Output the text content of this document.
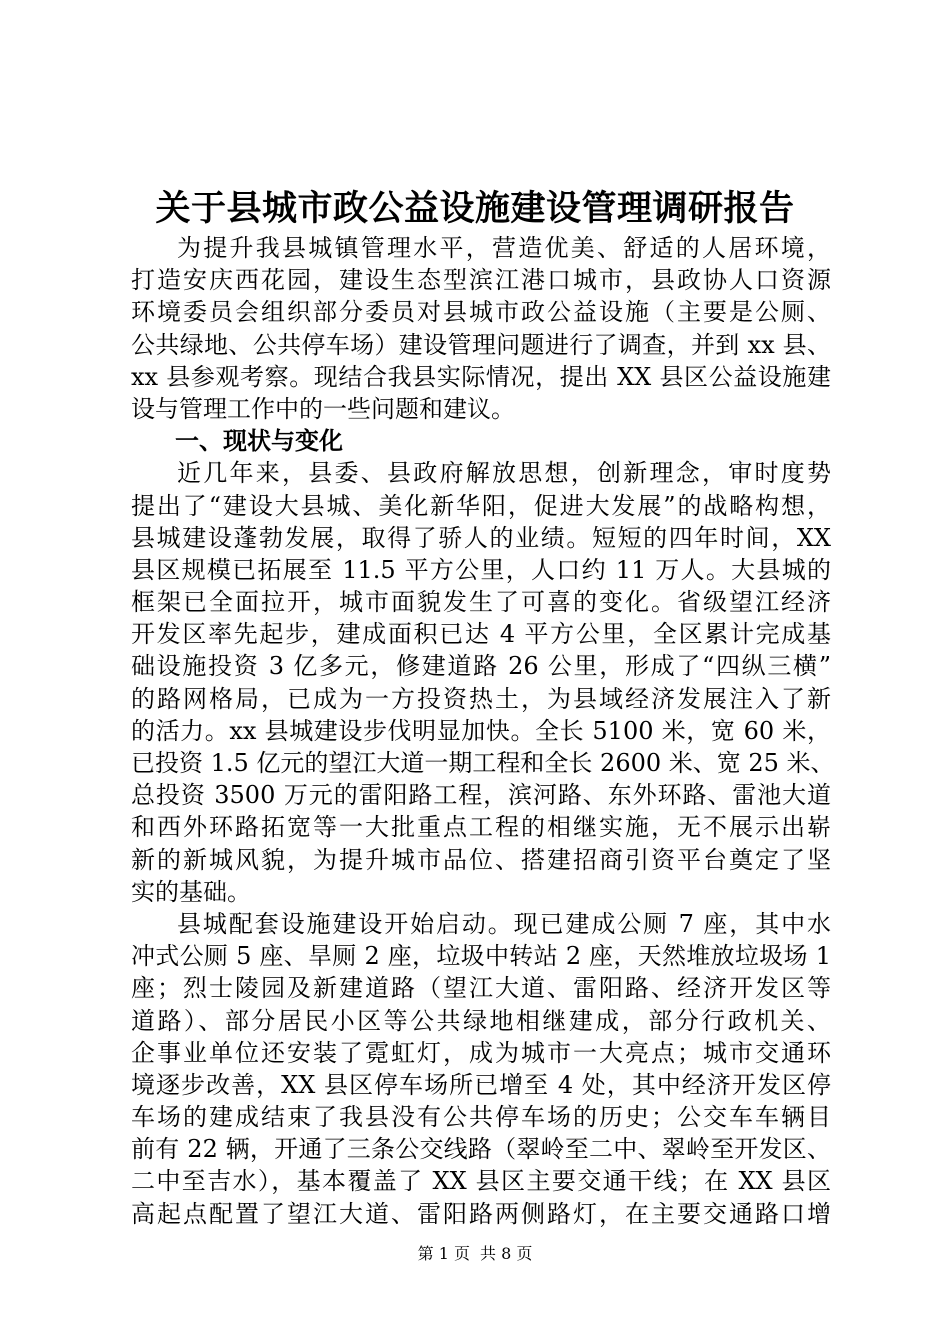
关于县城市政公益设施建设管理调研报告
为提升我县城镇管理水平，营造优美、舒适的人居环境，
打造安庆西花园，建设生态型滨江港口城市，县政协人口资源
环境委员会组织部分委员对县城市政公益设施（主要是公厕、
公共绿地、公共停车场）建设管理问题进行了调查，并到 xx 县、
xx 县参观考察。现结合我县实际情况，提出 XX 县区公益设施建
设与管理工作中的一些问题和建议。
一、现状与变化
近几年来，县委、县政府解放思想，创新理念，审时度势
提出了“建设大县城、美化新华阳，促进大发展”的战略构想，
县城建设蓬勃发展，取得了骄人的业绩。短短的四年时间，XX
县区规模已拓展至 11.5 平方公里，人口约 11 万人。大县城的
框架已全面拉开，城市面貌发生了可喜的变化。省级望江经济
开发区率先起步，建成面积已达 4 平方公里，全区累计完成基
础设施投资 3 亿多元，修建道路 26 公里，形成了“四纵三横”
的路网格局，已成为一方投资热土，为县域经济发展注入了新
的活力。xx 县城建设步伐明显加快。全长 5100 米，宽 60 米，
已投资 1.5 亿元的望江大道一期工程和全长 2600 米、宽 25 米、
总投资 3500 万元的雷阳路工程，滨河路、东外环路、雷池大道
和西外环路拓宽等一大批重点工程的相继实施，无不展示出崭
新的新城风貌，为提升城市品位、搭建招商引资平台奠定了坚
实的基础。
县城配套设施建设开始启动。现已建成公厕 7 座，其中水
冲式公厕 5 座、旱厕 2 座，垃圾中转站 2 座，天然堆放垃圾场 1
座；烈士陵园及新建道路（望江大道、雷阳路、经济开发区等
道路）、部分居民小区等公共绿地相继建成，部分行政机关、
企事业单位还安装了霓虹灯，成为城市一大亮点；城市交通环
境逐步改善，XX 县区停车场所已增至 4 处，其中经济开发区停
车场的建成结束了我县没有公共停车场的历史；公交车车辆目
前有 22 辆，开通了三条公交线路（翠岭至二中、翠岭至开发区、
二中至吉水），基本覆盖了 XX 县区主要交通干线；在 XX 县区
高起点配置了望江大道、雷阳路两侧路灯，在主要交通路口增
第 1 页 共 8 页
